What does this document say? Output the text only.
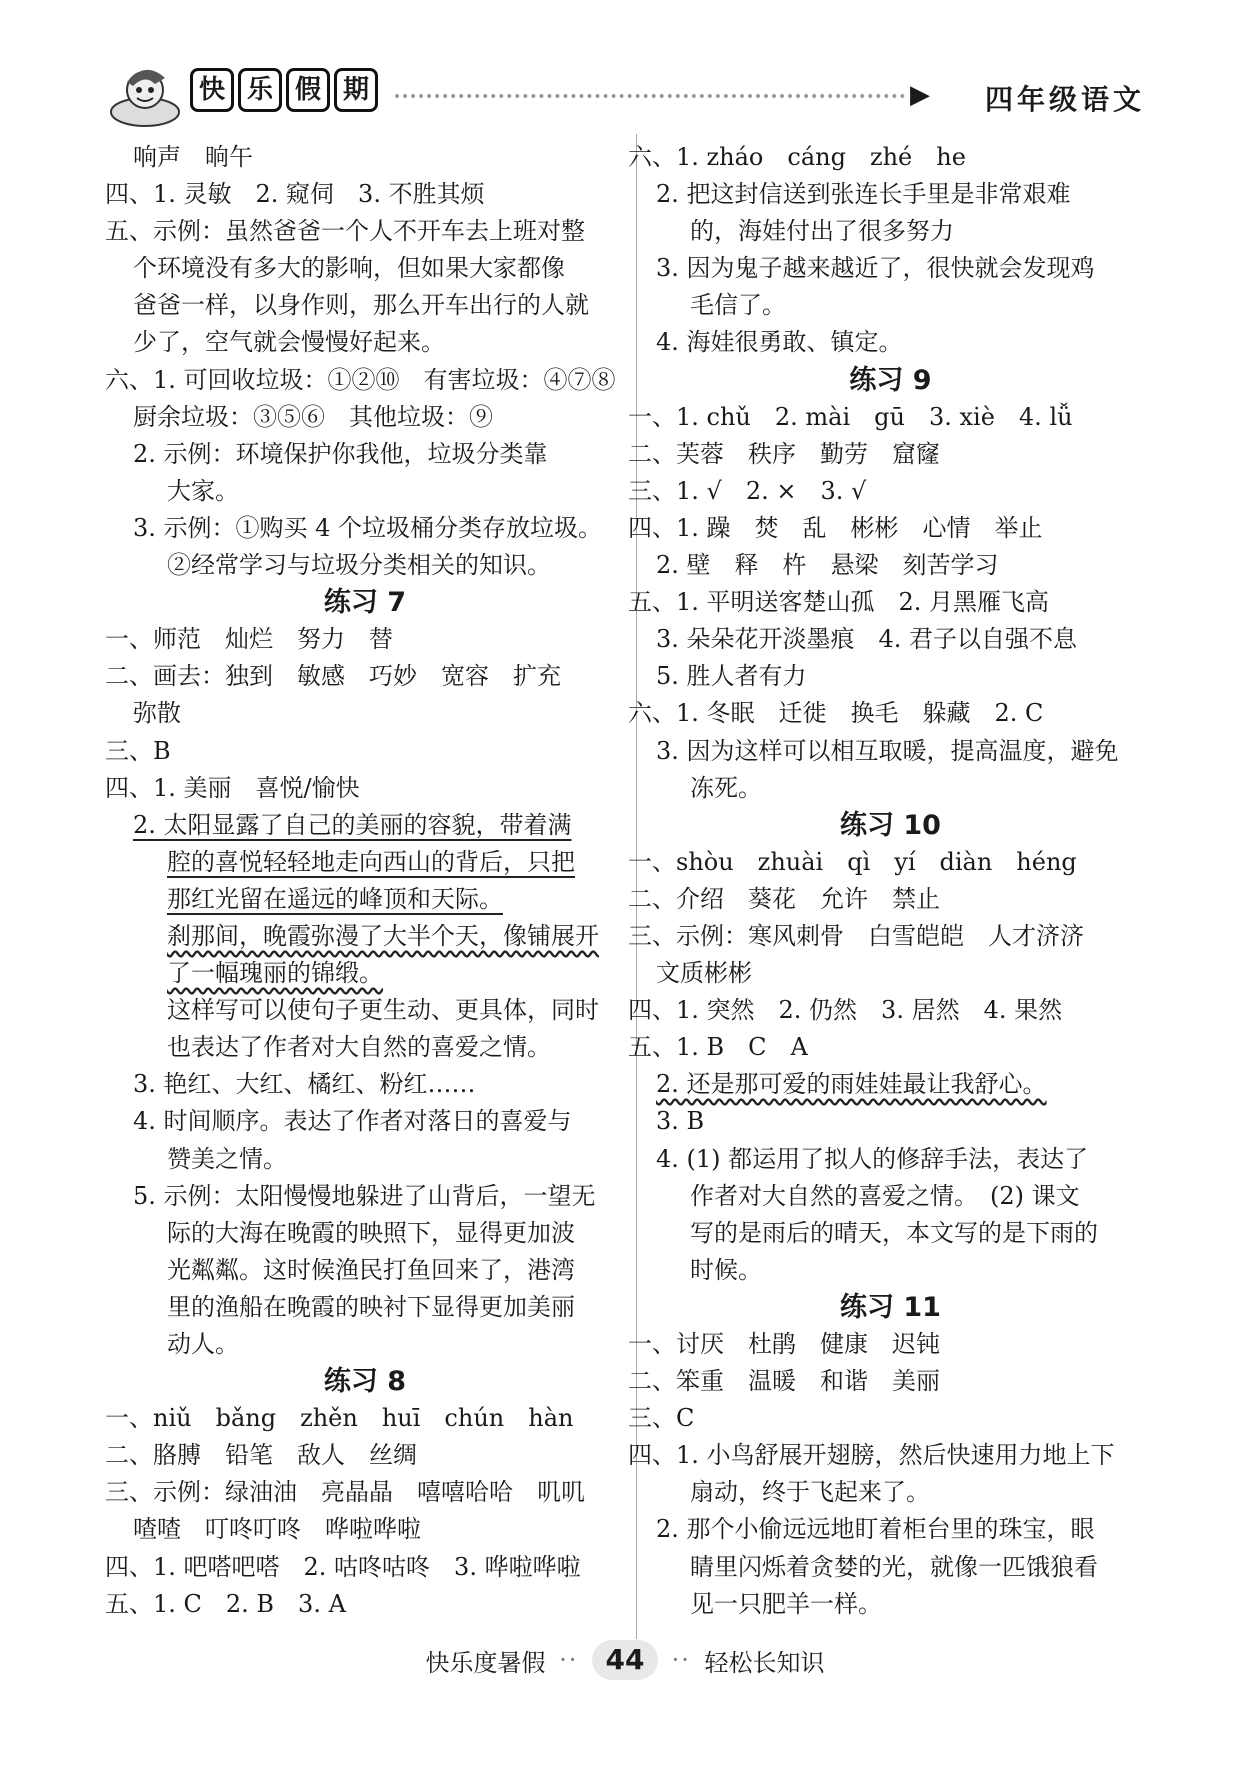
快 乐 假 期	▶ 四年级语文
响声　晌午
四、1. 灵敏　2. 窥伺　3. 不胜其烦
五、示例：虽然爸爸一个人不开车去上班对整
个环境没有多大的影响，但如果大家都像
爸爸一样，以身作则，那么开车出行的人就
少了，空气就会慢慢好起来。
六、1. 可回收垃圾：①②⑩　有害垃圾：④⑦⑧
厨余垃圾：③⑤⑥　其他垃圾：⑨
2. 示例：环境保护你我他，垃圾分类靠
大家。
3. 示例：①购买 4 个垃圾桶分类存放垃圾。
②经常学习与垃圾分类相关的知识。
练习 7
一、师范　灿烂　努力　替
二、画去：独到　敏感　巧妙　宽容　扩充
弥散
三、B
四、1. 美丽　喜悦/愉快
2. 太阳显露了自己的美丽的容貌，带着满
腔的喜悦轻轻地走向西山的背后，只把
那红光留在遥远的峰顶和天际。
刹那间，晚霞弥漫了大半个天，像铺展开
了一幅瑰丽的锦缎。
这样写可以使句子更生动、更具体，同时
也表达了作者对大自然的喜爱之情。
3. 艳红、大红、橘红、粉红……
4. 时间顺序。表达了作者对落日的喜爱与
赞美之情。
5. 示例：太阳慢慢地躲进了山背后，一望无
际的大海在晚霞的映照下，显得更加波
光粼粼。这时候渔民打鱼回来了，港湾
里的渔船在晚霞的映衬下显得更加美丽
动人。
练习 8
一、niǔ　bǎng　zhěn　huī　chún　hàn
二、胳膊　铅笔　敌人　丝绸
三、示例：绿油油　亮晶晶　嘻嘻哈哈　叽叽
喳喳　叮咚叮咚　哗啦哗啦
四、1. 吧嗒吧嗒　2. 咕咚咕咚　3. 哗啦哗啦
五、1. C　2. B　3. A
六、1. zháo　cáng　zhé　he
2. 把这封信送到张连长手里是非常艰难
的，海娃付出了很多努力
3. 因为鬼子越来越近了，很快就会发现鸡
毛信了。
4. 海娃很勇敢、镇定。
练习 9
一、1. chǔ　2. mài　gū　3. xiè　4. lǚ
二、芙蓉　秩序　勤劳　窟窿
三、1. √　2. ×　3. √
四、1. 躁　焚　乱　彬彬　心情　举止
2. 壁　释　杵　悬梁　刻苦学习
五、1. 平明送客楚山孤　2. 月黑雁飞高
3. 朵朵花开淡墨痕　4. 君子以自强不息
5. 胜人者有力
六、1. 冬眠　迁徙　换毛　躲藏　2. C
3. 因为这样可以相互取暖，提高温度，避免
冻死。
练习 10
一、shòu　zhuài　qì　yí　diàn　héng
二、介绍　葵花　允许　禁止
三、示例：寒风刺骨　白雪皑皑　人才济济
文质彬彬
四、1. 突然　2. 仍然　3. 居然　4. 果然
五、1. B　C　A
2. 还是那可爱的雨娃娃最让我舒心。
3. B
4. (1) 都运用了拟人的修辞手法，表达了
作者对大自然的喜爱之情。　(2) 课文
写的是雨后的晴天，本文写的是下雨的
时候。
练习 11
一、讨厌　杜鹃　健康　迟钝
二、笨重　温暖　和谐　美丽
三、C
四、1. 小鸟舒展开翅膀，然后快速用力地上下
扇动，终于飞起来了。
2. 那个小偷远远地盯着柜台里的珠宝，眼
睛里闪烁着贪婪的光，就像一匹饿狼看
见一只肥羊一样。
快乐度暑假 ·· 44 ·· 轻松长知识
